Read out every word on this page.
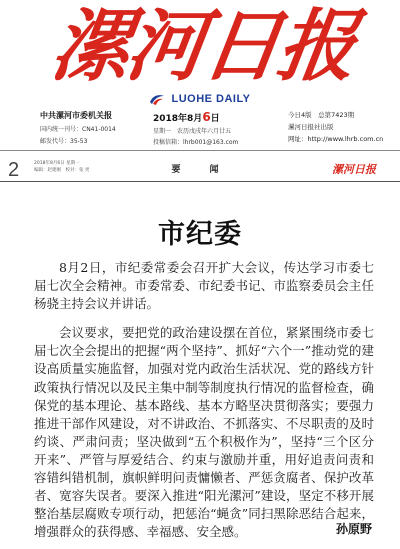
漯
河
日
报
LUOHE DAILY
中共漯河市委机关报
国内统一刊号：CN41-0014
邮发代号：35-53
2018年8月6日
星期一　农历戊戌年六月廿五
投稿信箱：lhrb001@163.com
今日4版　总第7423期
漯河日报社出版
网址：http://www.lhrb.com.cn
2	2018年8月6日 星期一
编辑：赵建刚　校对：张 更	要　闻	漯河日报
市纪委

8月2日，市纪委常委会召开扩大会议，传达学习市委七届七次全会精神。市委常委、市纪委书记、市监察委员会主任杨骁主持会议并讲话。

会议要求，要把党的政治建设摆在首位，紧紧围绕市委七届七次全会提出的把握“两个坚持”、抓好“六个一”推动党的建设高质量实施监督，加强对党内政治生活状况、党的路线方针政策执行情况以及民主集中制等制度执行情况的监督检查，确保党的基本理论、基本路线、基本方略坚决贯彻落实；要强力推进干部作风建设，对不讲政治、不抓落实、不尽职责的及时约谈、严肃问责；坚决做到“五个积极作为”，坚持“三个区分开来”、严管与厚爱结合、约束与激励并重，用好追责问责和容错纠错机制，旗帜鲜明问责慵懒者、严惩贪腐者、保护改革者、宽容失误者。要深入推进“阳光漯河”建设，坚定不移开展整治基层腐败专项行动，把惩治“蝇贪”同扫黑除恶结合起来，增强群众的获得感、幸福感、安全感。	孙原野
